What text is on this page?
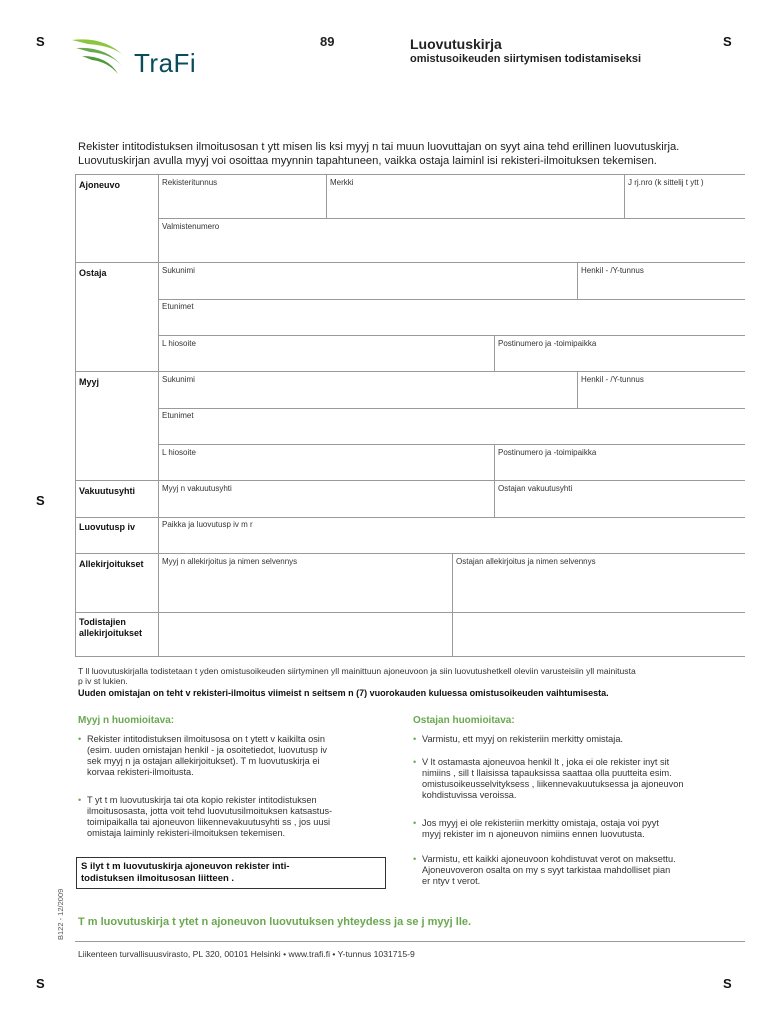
S	S
S
S	S
TraFi
89	Luovutuskirja
omistusoikeuden siirtymisen todistamiseksi
Rekister intitodistuksen ilmoitusosan t ytt misen lis ksi myyj n tai muun luovuttajan on syyt aina tehd erillinen luovutuskirja.
Luovutuskirjan avulla myyj voi osoittaa myynnin tapahtuneen, vaikka ostaja laiminl isi rekisteri-ilmoituksen tekemisen.
Ajoneuvo	Rekisteritunnus	Merkki	J rj.nro (k sittelij t ytt )
Valmistenumero
Ostaja	Sukunimi	Henkil - /Y-tunnus
Etunimet
L hiosoite	Postinumero ja -toimipaikka
Myyj	Sukunimi	Henkil - /Y-tunnus
Etunimet
L hiosoite	Postinumero ja -toimipaikka
Vakuutusyhti	Myyj n vakuutusyhti	Ostajan vakuutusyhti
Luovutusp iv	Paikka ja luovutusp iv m r
Allekirjoitukset Myyj n allekirjoitus ja nimen selvennys	Ostajan allekirjoitus ja nimen selvennys
Todistajien
allekirjoitukset
T ll luovutuskirjalla todistetaan t yden omistusoikeuden siirtyminen yll mainittuun ajoneuvoon ja siin luovutushetkell oleviin varusteisiin yll mainitusta
p iv st lukien.
Uuden omistajan on teht v rekisteri-ilmoitus viimeist n seitsem n (7) vuorokauden kuluessa omistusoikeuden vaihtumisesta.
Myyj n huomioitava:
• Rekister intitodistuksen ilmoitusosa on t ytett v kaikilta osin
(esim. uuden omistajan henkil - ja osoitetiedot, luovutusp iv
sek myyj n ja ostajan allekirjoitukset). T m luovutuskirja ei
korvaa rekisteri-ilmoitusta.
• T yt t m luovutuskirja tai ota kopio rekister intitodistuksen
ilmoitusosasta, jotta voit tehd luovutusilmoituksen katsastus-
toimipaikalla tai ajoneuvon liikennevakuutusyhti ss , jos uusi
omistaja laiminly rekisteri-ilmoituksen tekemisen.
S ilyt t m luovutuskirja ajoneuvon rekister inti-
todistuksen ilmoitusosan liitteen .
Ostajan huomioitava:
• Varmistu, ett myyj on rekisteriin merkitty omistaja.
• V lt ostamasta ajoneuvoa henkil lt , joka ei ole rekister inyt sit
nimiins , sill t llaisissa tapauksissa saattaa olla puutteita esim.
omistusoikeusselvityksess , liikennevakuutuksessa ja ajoneuvon
kohdistuvissa veroissa.
• Jos myyj ei ole rekisteriin merkitty omistaja, ostaja voi pyyt
myyj rekister im n ajoneuvon nimiins ennen luovutusta.
• Varmistu, ett kaikki ajoneuvoon kohdistuvat verot on maksettu.
Ajoneuvoveron osalta on my s syyt tarkistaa mahdolliset pian
er ntyv t verot.
B122 - 12/2009 T m luovutuskirja t ytet n ajoneuvon luovutuksen yhteydess ja se j myyj lle.
Liikenteen turvallisuusvirasto, PL 320, 00101 Helsinki • www.trafi.fi • Y-tunnus 1031715-9
